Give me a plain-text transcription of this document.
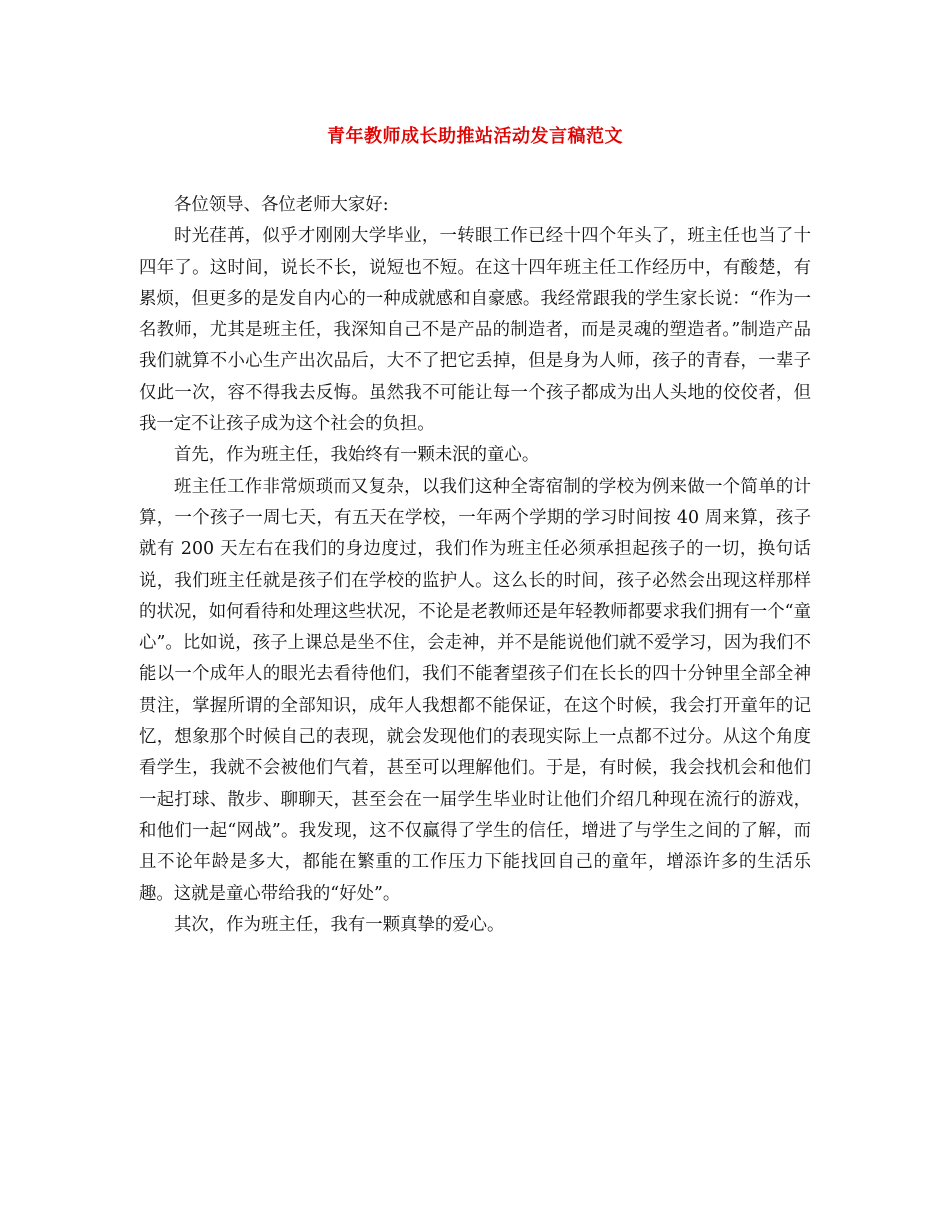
青年教师成长助推站活动发言稿范文

各位领导、各位老师大家好:

时光荏苒，似乎才刚刚大学毕业，一转眼工作已经十四个年头了，班主任也当了十四年了。这时间，说长不长，说短也不短。在这十四年班主任工作经历中，有酸楚，有累烦，但更多的是发自内心的一种成就感和自豪感。我经常跟我的学生家长说：“作为一名教师，尤其是班主任，我深知自己不是产品的制造者，而是灵魂的塑造者。”制造产品我们就算不小心生产出次品后，大不了把它丢掉，但是身为人师，孩子的青春，一辈子仅此一次，容不得我去反悔。虽然我不可能让每一个孩子都成为出人头地的佼佼者，但我一定不让孩子成为这个社会的负担。

首先，作为班主任，我始终有一颗未泯的童心。

班主任工作非常烦琐而又复杂，以我们这种全寄宿制的学校为例来做一个简单的计算，一个孩子一周七天，有五天在学校，一年两个学期的学习时间按 40 周来算，孩子就有 200 天左右在我们的身边度过，我们作为班主任必须承担起孩子的一切，换句话说，我们班主任就是孩子们在学校的监护人。这么长的时间，孩子必然会出现这样那样的状况，如何看待和处理这些状况，不论是老教师还是年轻教师都要求我们拥有一个“童心”。比如说，孩子上课总是坐不住，会走神，并不是能说他们就不爱学习，因为我们不能以一个成年人的眼光去看待他们，我们不能奢望孩子们在长长的四十分钟里全部全神贯注，掌握所谓的全部知识，成年人我想都不能保证，在这个时候，我会打开童年的记忆，想象那个时候自己的表现，就会发现他们的表现实际上一点都不过分。从这个角度看学生，我就不会被他们气着，甚至可以理解他们。于是，有时候，我会找机会和他们一起打球、散步、聊聊天，甚至会在一届学生毕业时让他们介绍几种现在流行的游戏，和他们一起“网战”。我发现，这不仅赢得了学生的信任，增进了与学生之间的了解，而且不论年龄是多大，都能在繁重的工作压力下能找回自己的童年，增添许多的生活乐趣。这就是童心带给我的“好处”。

其次，作为班主任，我有一颗真挚的爱心。
